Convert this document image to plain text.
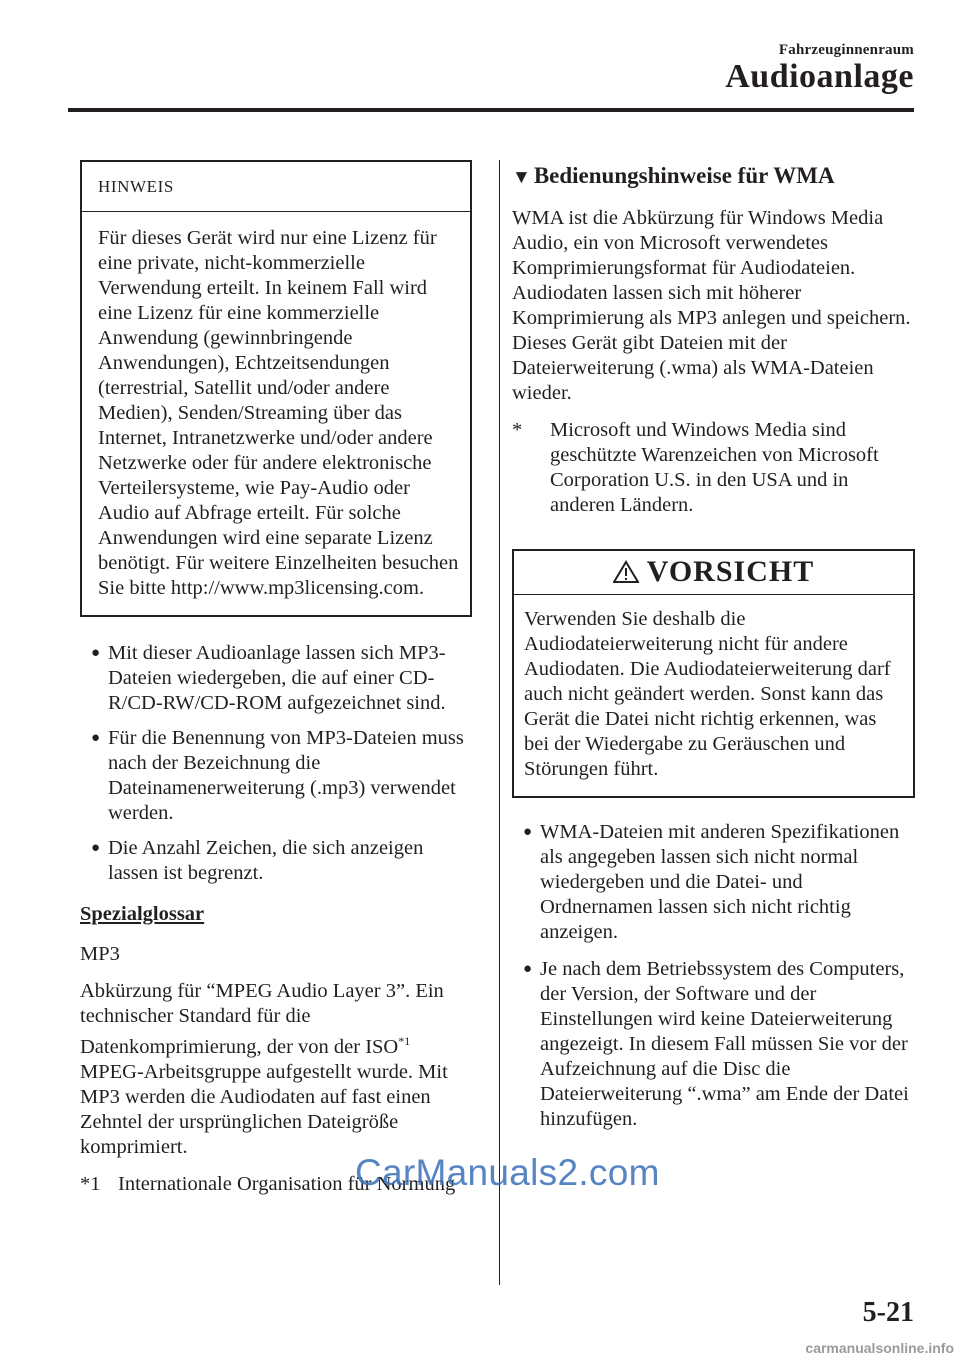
Fahrzeuginnenraum
Audioanlage
HINWEIS

Für dieses Gerät wird nur eine Lizenz für eine private, nicht-kommerzielle Verwendung erteilt. In keinem Fall wird eine Lizenz für eine kommerzielle Anwendung (gewinnbringende Anwendungen), Echtzeitsendungen (terrestrial, Satellit und/oder andere Medien), Senden/Streaming über das Internet, Intranetzwerke und/oder andere Netzwerke oder für andere elektronische Verteilersysteme, wie Pay-Audio oder Audio auf Abfrage erteilt. Für solche Anwendungen wird eine separate Lizenz benötigt. Für weitere Einzelheiten besuchen Sie bitte http://www.mp3licensing.com.

● Mit dieser Audioanlage lassen sich MP3-Dateien wiedergeben, die auf einer CD-R/CD-RW/CD-ROM aufgezeichnet sind.
● Für die Benennung von MP3-Dateien muss nach der Bezeichnung die Dateinamenerweiterung (.mp3) verwendet werden.
● Die Anzahl Zeichen, die sich anzeigen lassen ist begrenzt.

Spezialglossar

MP3

Abkürzung für “MPEG Audio Layer 3”. Ein technischer Standard für die Datenkomprimierung, der von der ISO$^{*1}$ MPEG-Arbeitsgruppe aufgestellt wurde. Mit MP3 werden die Audiodaten auf fast einen Zehntel der ursprünglichen Dateigröße komprimiert.

*1 Internationale Organisation für Normung

▼ Bedienungshinweise für WMA

WMA ist die Abkürzung für Windows Media Audio, ein von Microsoft verwendetes Komprimierungsformat für Audiodateien.

Audiodaten lassen sich mit höherer Komprimierung als MP3 anlegen und speichern.

Dieses Gerät gibt Dateien mit der Dateierweiterung (.wma) als WMA-Dateien wieder.

* Microsoft und Windows Media sind geschützte Warenzeichen von Microsoft Corporation U.S. in den USA und in anderen Ländern.

VORSICHT

Verwenden Sie deshalb die Audiodateierweiterung nicht für andere Audiodaten. Die Audiodateierweiterung darf auch nicht geändert werden. Sonst kann das Gerät die Datei nicht richtig erkennen, was bei der Wiedergabe zu Geräuschen und Störungen führt.

● WMA-Dateien mit anderen Spezifikationen als angegeben lassen sich nicht normal wiedergeben und die Datei- und Ordnernamen lassen sich nicht richtig anzeigen.
● Je nach dem Betriebssystem des Computers, der Version, der Software und der Einstellungen wird keine Dateierweiterung angezeigt. In diesem Fall müssen Sie vor der Aufzeichnung auf die Disc die Dateierweiterung “.wma” am Ende der Datei hinzufügen.
5-21
CarManuals2.com
carmanualsonline.info
